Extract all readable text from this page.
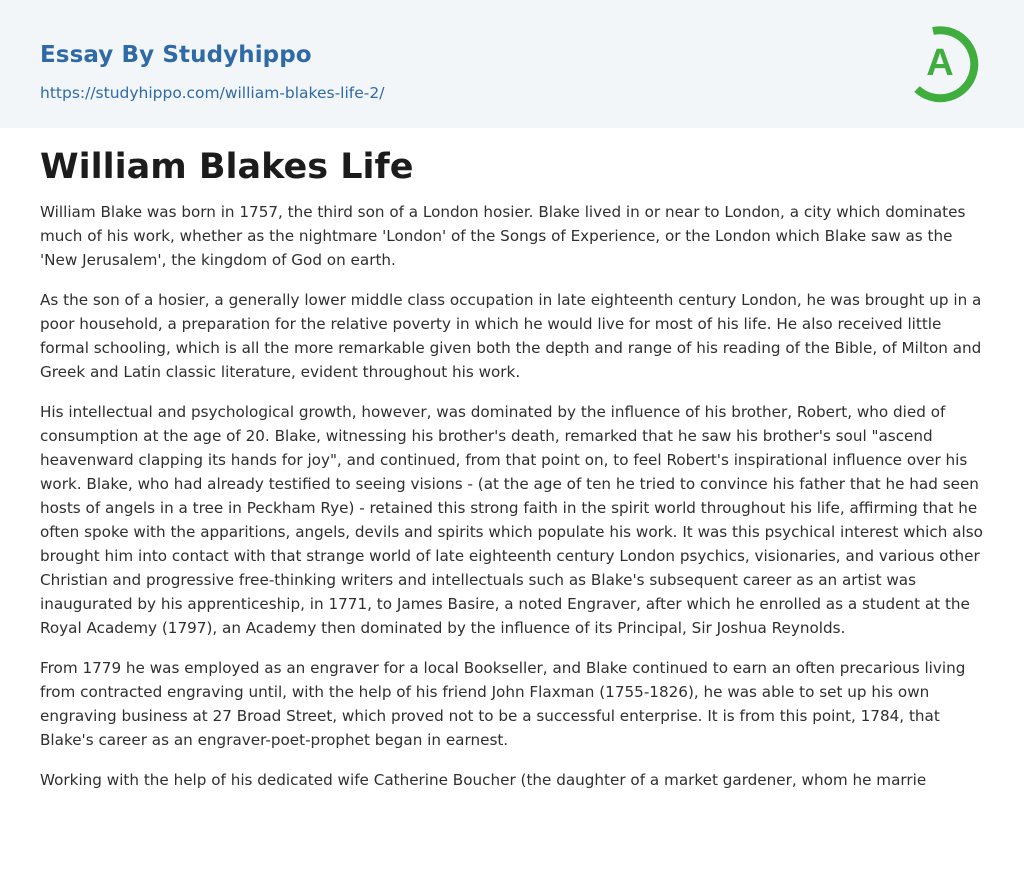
Essay By Studyhippo
https://studyhippo.com/william-blakes-life-2/
A
William Blakes Life

William Blake was born in 1757, the third son of a London hosier. Blake lived in or near to London, a city which dominates much of his work, whether as the nightmare 'London' of the Songs of Experience, or the London which Blake saw as the 'New Jerusalem', the kingdom of God on earth.

As the son of a hosier, a generally lower middle class occupation in late eighteenth century London, he was brought up in a poor household, a preparation for the relative poverty in which he would live for most of his life. He also received little formal schooling, which is all the more remarkable given both the depth and range of his reading of the Bible, of Milton and Greek and Latin classic literature, evident throughout his work.

His intellectual and psychological growth, however, was dominated by the influence of his brother, Robert, who died of consumption at the age of 20. Blake, witnessing his brother's death, remarked that he saw his brother's soul "ascend heavenward clapping its hands for joy", and continued, from that point on, to feel Robert's inspirational influence over his work. Blake, who had already testified to seeing visions - (at the age of ten he tried to convince his father that he had seen hosts of angels in a tree in Peckham Rye) - retained this strong faith in the spirit world throughout his life, affirming that he often spoke with the apparitions, angels, devils and spirits which populate his work. It was this psychical interest which also brought him into contact with that strange world of late eighteenth century London psychics, visionaries, and various other Christian and progressive free-thinking writers and intellectuals such as Blake's subsequent career as an artist was inaugurated by his apprenticeship, in 1771, to James Basire, a noted Engraver, after which he enrolled as a student at the Royal Academy (1797), an Academy then dominated by the influence of its Principal, Sir Joshua Reynolds.

From 1779 he was employed as an engraver for a local Bookseller, and Blake continued to earn an often precarious living from contracted engraving until, with the help of his friend John Flaxman (1755-1826), he was able to set up his own engraving business at 27 Broad Street, which proved not to be a successful enterprise. It is from this point, 1784, that Blake's career as an engraver-poet-prophet began in earnest.

Working with the help of his dedicated wife Catherine Boucher (the daughter of a market gardener, whom he marrie
